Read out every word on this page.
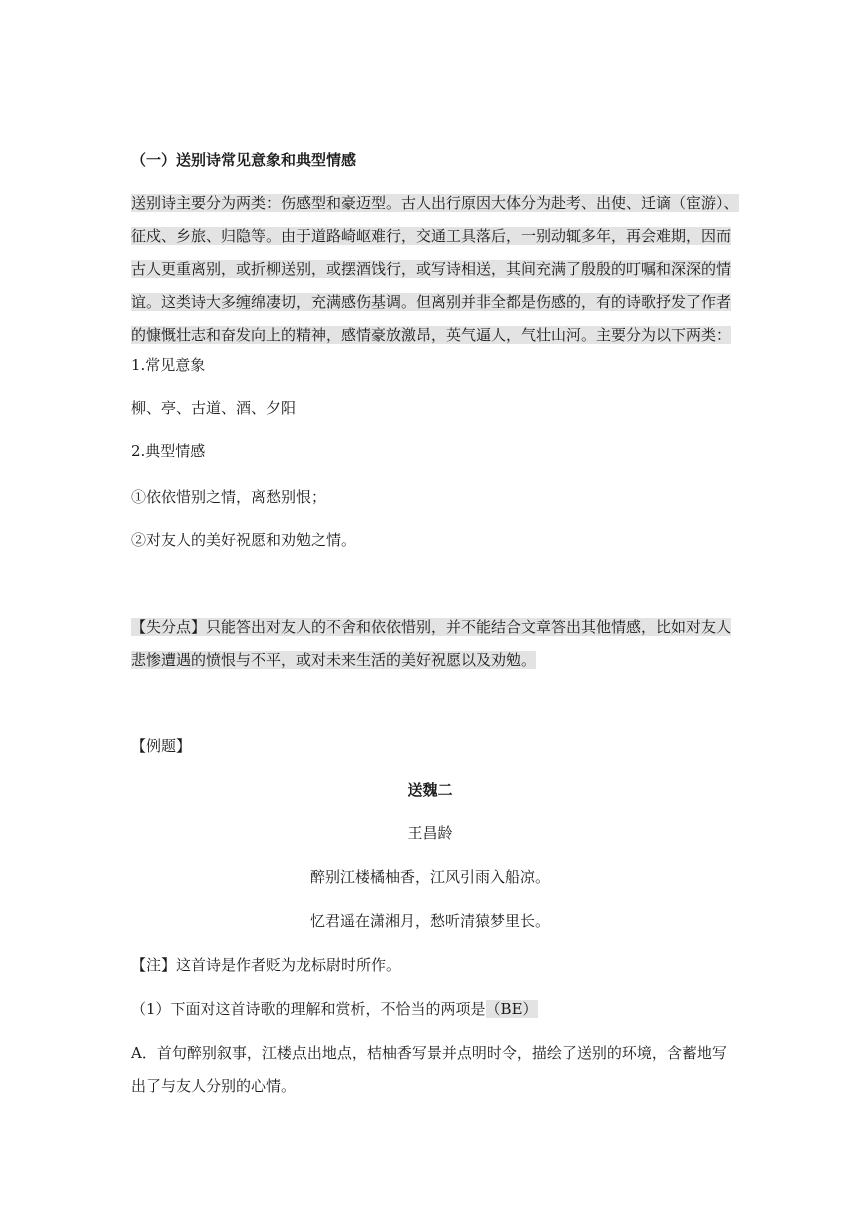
（一）送别诗常见意象和典型情感
送别诗主要分为两类：伤感型和豪迈型。古人出行原因大体分为赴考、出使、迁谪（宦游）、
征戍、乡旅、归隐等。由于道路崎岖难行，交通工具落后，一别动辄多年，再会难期，因而
古人更重离别，或折柳送别，或摆酒饯行，或写诗相送，其间充满了殷殷的叮嘱和深深的情
谊。这类诗大多缠绵凄切，充满感伤基调。但离别并非全都是伤感的，有的诗歌抒发了作者
的慷慨壮志和奋发向上的精神，感情豪放激昂，英气逼人，气壮山河。主要分为以下两类：
1.常见意象
柳、亭、古道、酒、夕阳
2.典型情感
①依依惜别之情，离愁别恨；
②对友人的美好祝愿和劝勉之情。
【失分点】只能答出对友人的不舍和依依惜别，并不能结合文章答出其他情感，比如对友人
悲惨遭遇的愤恨与不平，或对未来生活的美好祝愿以及劝勉。
【例题】
送魏二
王昌龄
醉别江楼橘柚香，江风引雨入船凉。
忆君遥在潇湘月，愁听清猿梦里长。
【注】这首诗是作者贬为龙标尉时所作。
（1）下面对这首诗歌的理解和赏析，不恰当的两项是（BE）
A．首句醉别叙事，江楼点出地点，桔柚香写景并点明时令，描绘了送别的环境，含蓄地写
出了与友人分别的心情。
